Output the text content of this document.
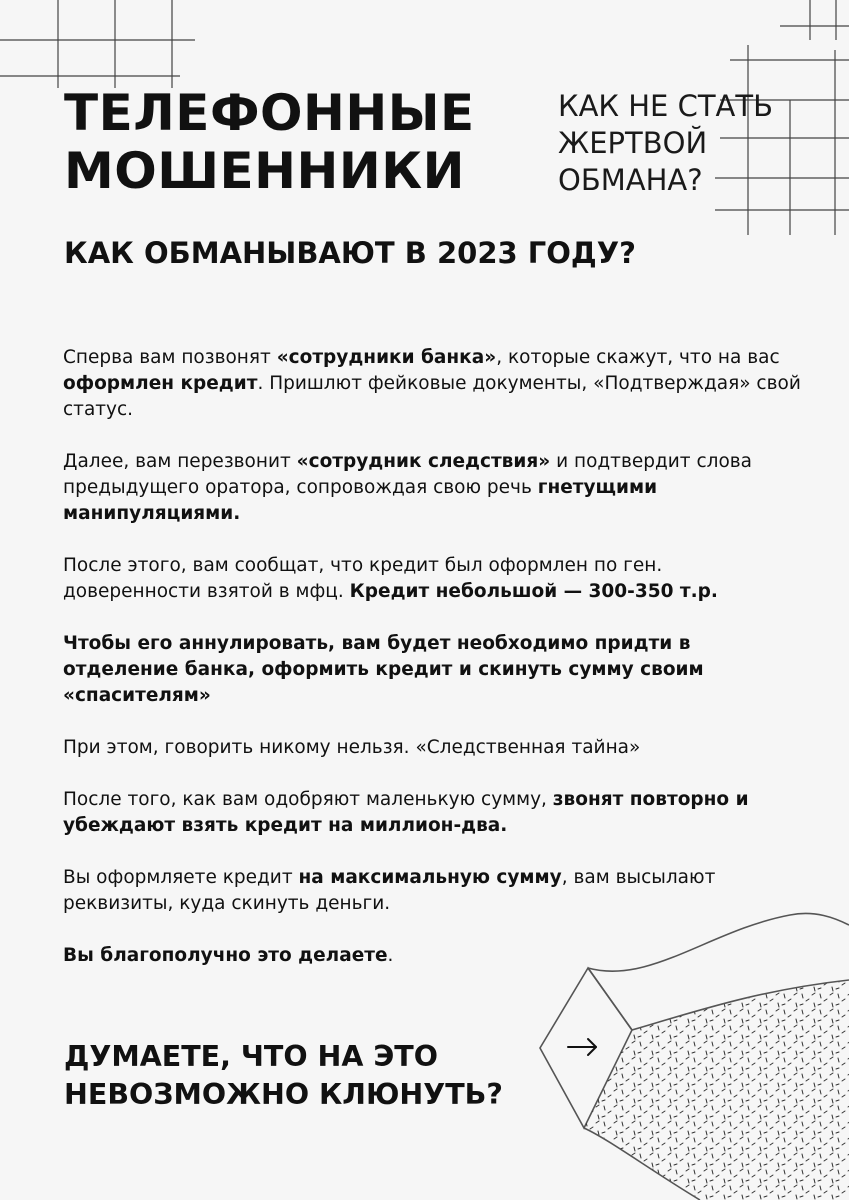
ТЕЛЕФОННЫЕ
МОШЕННИКИ
КАК НЕ СТАТЬ
ЖЕРТВОЙ
ОБМАНА?
КАК ОБМАНЫВАЮТ В 2023 ГОДУ?

Сперва вам позвонят «сотрудники банка», которые скажут, что на вас оформлен кредит. Пришлют фейковые документы, «Подтверждая» свой статус.

Далее, вам перезвонит «сотрудник следствия» и подтвердит слова предыдущего оратора, сопровождая свою речь гнетущими манипуляциями.

После этого, вам сообщат, что кредит был оформлен по ген. доверенности взятой в мфц. Кредит небольшой — 300-350 т.р.

Чтобы его аннулировать, вам будет необходимо придти в отделение банка, оформить кредит и скинуть сумму своим «спасителям»

При этом, говорить никому нельзя. «Следственная тайна»

После того, как вам одобряют маленькую сумму, звонят повторно и убеждают взять кредит на миллион-два.

Вы оформляете кредит на максимальную сумму, вам высылают реквизиты, куда скинуть деньги.

Вы благополучно это делаете.

ДУМАЕТЕ, ЧТО НА ЭТО
НЕВОЗМОЖНО КЛЮНУТЬ?
